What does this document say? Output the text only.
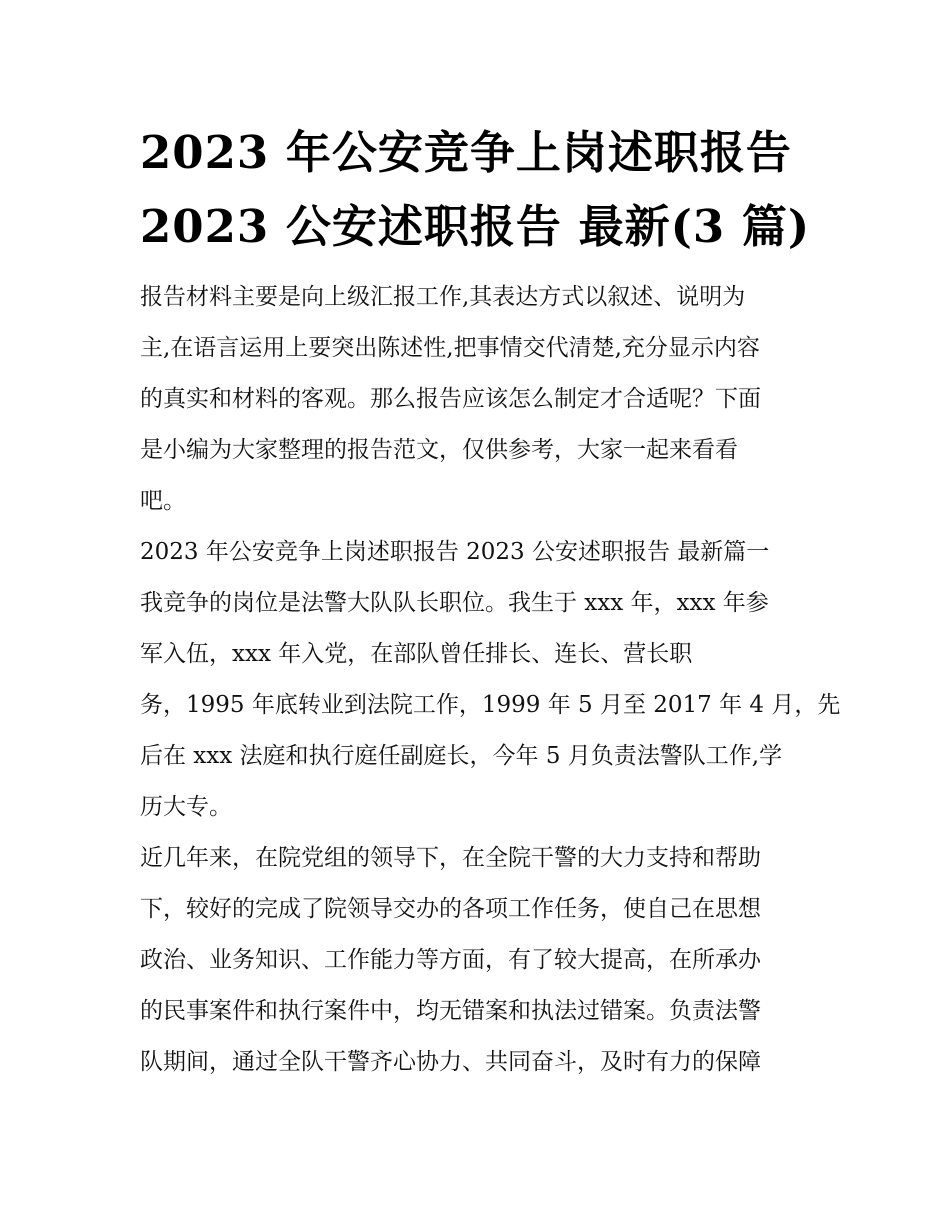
2023 年公安竞争上岗述职报告
2023 公安述职报告 最新(3 篇)

报告材料主要是向上级汇报工作,其表达方式以叙述、说明为
主,在语言运用上要突出陈述性,把事情交代清楚,充分显示内容
的真实和材料的客观。那么报告应该怎么制定才合适呢？下面
是小编为大家整理的报告范文，仅供参考，大家一起来看看
吧。

2023 年公安竞争上岗述职报告 2023 公安述职报告 最新篇一

我竞争的岗位是法警大队队长职位。我生于 xxx 年，xxx 年参
军入伍，xxx 年入党，在部队曾任排长、连长、营长职
务，1995 年底转业到法院工作，1999 年 5 月至 2017 年 4 月，先
后在 xxx 法庭和执行庭任副庭长，今年 5 月负责法警队工作,学
历大专。

近几年来，在院党组的领导下，在全院干警的大力支持和帮助
下，较好的完成了院领导交办的各项工作任务，使自己在思想
政治、业务知识、工作能力等方面，有了较大提高，在所承办
的民事案件和执行案件中，均无错案和执法过错案。负责法警
队期间，通过全队干警齐心协力、共同奋斗，及时有力的保障
